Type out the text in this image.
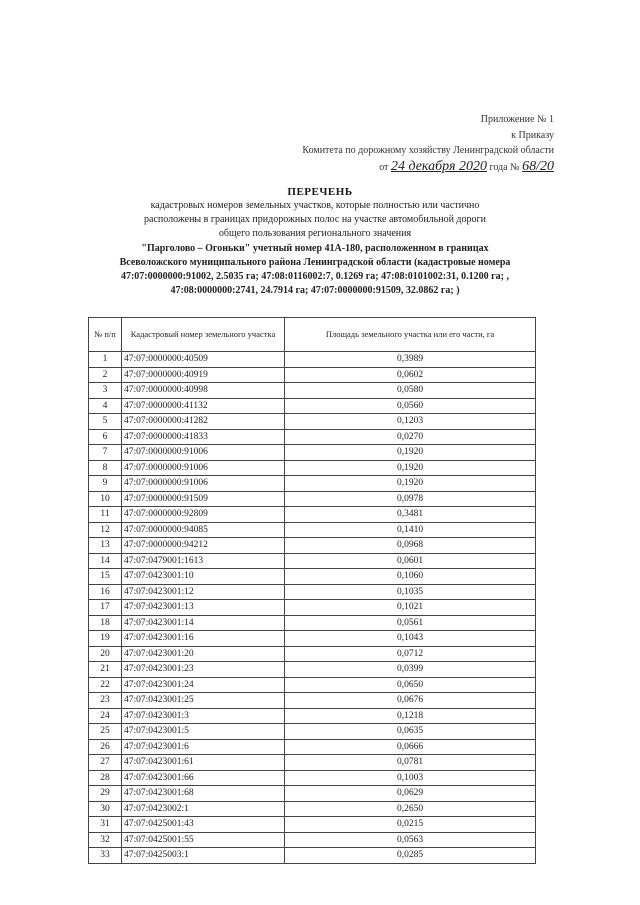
Приложение № 1
к Приказу
Комитета по дорожному хозяйству Ленинградской области
от 24 декабря 2020 года № 68/20
ПЕРЕЧЕНЬ
кадастровых номеров земельных участков, которые полностью или частично
расположены в границах придорожных полос на участке автомобильной дороги
общего пользования регионального значения
"Парголово – Огоньки" учетный номер 41А-180, расположенном в границах
Всеволожского муниципального района Ленинградской области (кадастровые номера
47:07:0000000:91002, 2.5035 га; 47:08:0116002:7, 0.1269 га; 47:08:0101002:31, 0.1200 га; ,
47:08:0000000:2741, 24.7914 га; 47:07:0000000:91509, 32.0862 га; )
№ п/п	Кадастровый номер земельного участка	Площадь земельного участка или его части, га
1	47:07:0000000:40509	0,3989
2	47:07:0000000:40919	0,0602
3	47:07:0000000:40998	0,0580
4	47:07:0000000:41132	0,0560
5	47:07:0000000:41282	0,1203
6	47:07:0000000:41833	0,0270
7	47:07:0000000:91006	0,1920
8	47:07:0000000:91006	0,1920
9	47:07:0000000:91006	0,1920
10	47:07:0000000:91509	0,0978
11	47:07:0000000:92809	0,3481
12	47:07:0000000:94085	0,1410
13	47:07:0000000:94212	0,0968
14	47:07:0479001:1613	0,0601
15	47:07:0423001:10	0,1060
16	47:07:0423001:12	0,1035
17	47:07:0423001:13	0,1021
18	47:07:0423001:14	0,0561
19	47:07:0423001:16	0,1043
20	47:07:0423001:20	0,0712
21	47:07:0423001:23	0,0399
22	47:07:0423001:24	0,0650
23	47:07:0423001:25	0,0676
24	47:07:0423001:3	0,1218
25	47:07:0423001:5	0,0635
26	47:07:0423001:6	0,0666
27	47:07:0423001:61	0,0781
28	47:07:0423001:66	0,1003
29	47:07:0423001:68	0,0629
30	47:07:0423002:1	0,2650
31	47:07:0425001:43	0,0215
32	47:07:0425001:55	0,0563
33	47:07:0425003:1	0,0285
